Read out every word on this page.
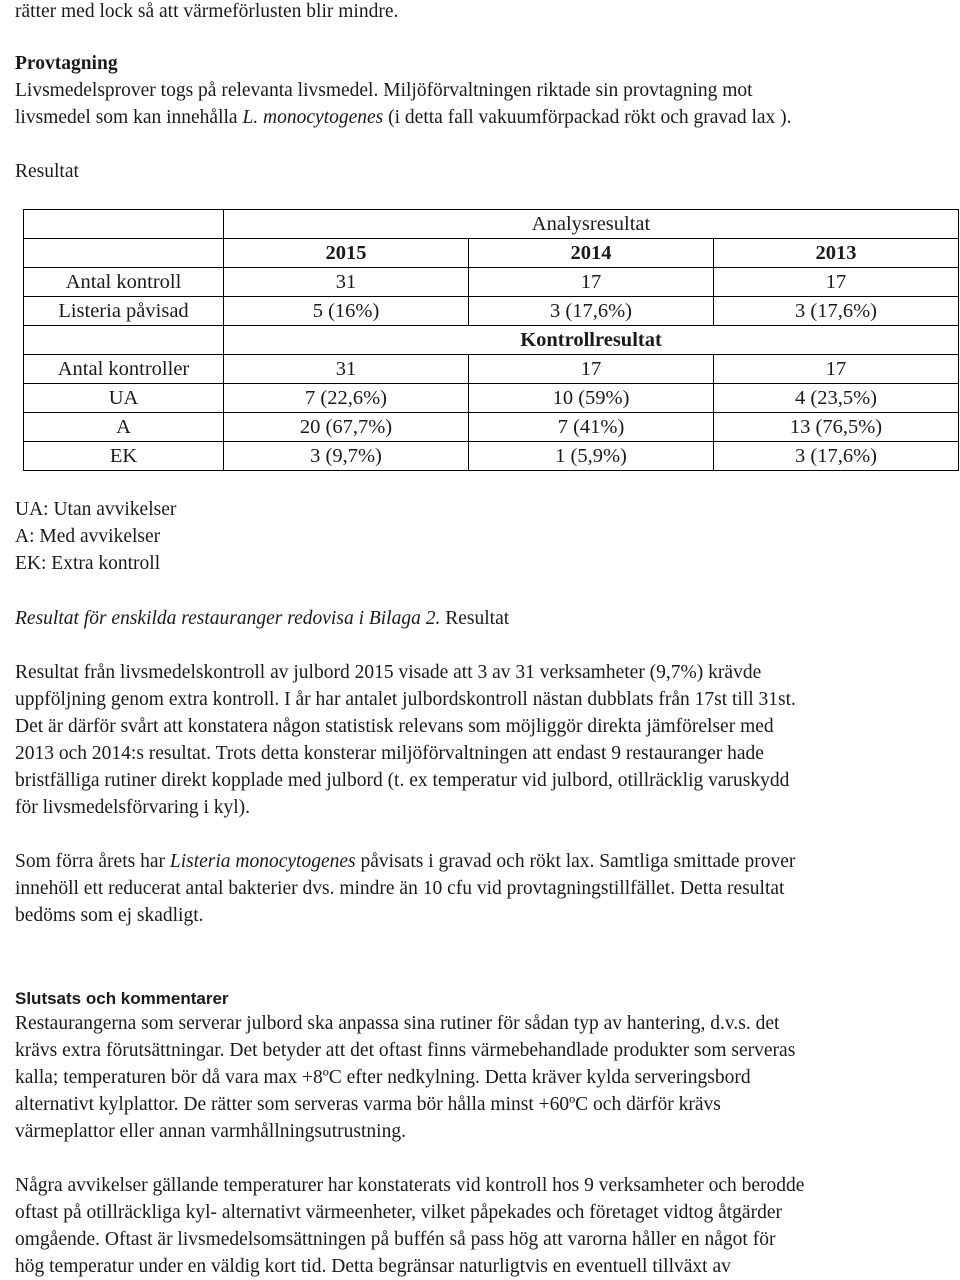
rätter med lock så att värmeförlusten blir mindre.

Provtagning

Livsmedelsprover togs på relevanta livsmedel. Miljöförvaltningen riktade sin provtagning mot

livsmedel som kan innehålla L. monocytogenes (i detta fall vakuumförpackad rökt och gravad lax ).

Resultat

	Analysresultat		
	2015	2014	2013
Antal kontroll	31	17	17
Listeria påvisad	5 (16%)	3 (17,6%)	3 (17,6%)
	Kontrollresultat		
Antal kontroller	31	17	17
UA	7 (22,6%)	10 (59%)	4 (23,5%)
A	20 (67,7%)	7 (41%)	13 (76,5%)
EK	3 (9,7%)	1 (5,9%)	3 (17,6%)

UA: Utan avvikelser

A: Med avvikelser

EK: Extra kontroll

Resultat för enskilda restauranger redovisa i Bilaga 2. Resultat

Resultat från livsmedelskontroll av julbord 2015 visade att 3 av 31 verksamheter (9,7%) krävde

uppföljning genom extra kontroll. I år har antalet julbordskontroll nästan dubblats från 17st till 31st.

Det är därför svårt att konstatera någon statistisk relevans som möjliggör direkta jämförelser med

2013 och 2014:s resultat. Trots detta konsterar miljöförvaltningen att endast 9 restauranger hade

bristfälliga rutiner direkt kopplade med julbord (t. ex temperatur vid julbord, otillräcklig varuskydd

för livsmedelsförvaring i kyl).

Som förra årets har Listeria monocytogenes påvisats i gravad och rökt lax. Samtliga smittade prover

innehöll ett reducerat antal bakterier dvs. mindre än 10 cfu vid provtagningstillfället. Detta resultat

bedöms som ej skadligt.

Slutsats och kommentarer

Restaurangerna som serverar julbord ska anpassa sina rutiner för sådan typ av hantering, d.v.s. det

krävs extra förutsättningar. Det betyder att det oftast finns värmebehandlade produkter som serveras

kalla; temperaturen bör då vara max +8ºC efter nedkylning. Detta kräver kylda serveringsbord

alternativt kylplattor. De rätter som serveras varma bör hålla minst +60ºC och därför krävs

värmeplattor eller annan varmhållningsutrustning.

Några avvikelser gällande temperaturer har konstaterats vid kontroll hos 9 verksamheter och berodde

oftast på otillräckliga kyl- alternativt värmeenheter, vilket påpekades och företaget vidtog åtgärder

omgående. Oftast är livsmedelsomsättningen på buffén så pass hög att varorna håller en något för

hög temperatur under en väldig kort tid. Detta begränsar naturligtvis en eventuell tillväxt av
